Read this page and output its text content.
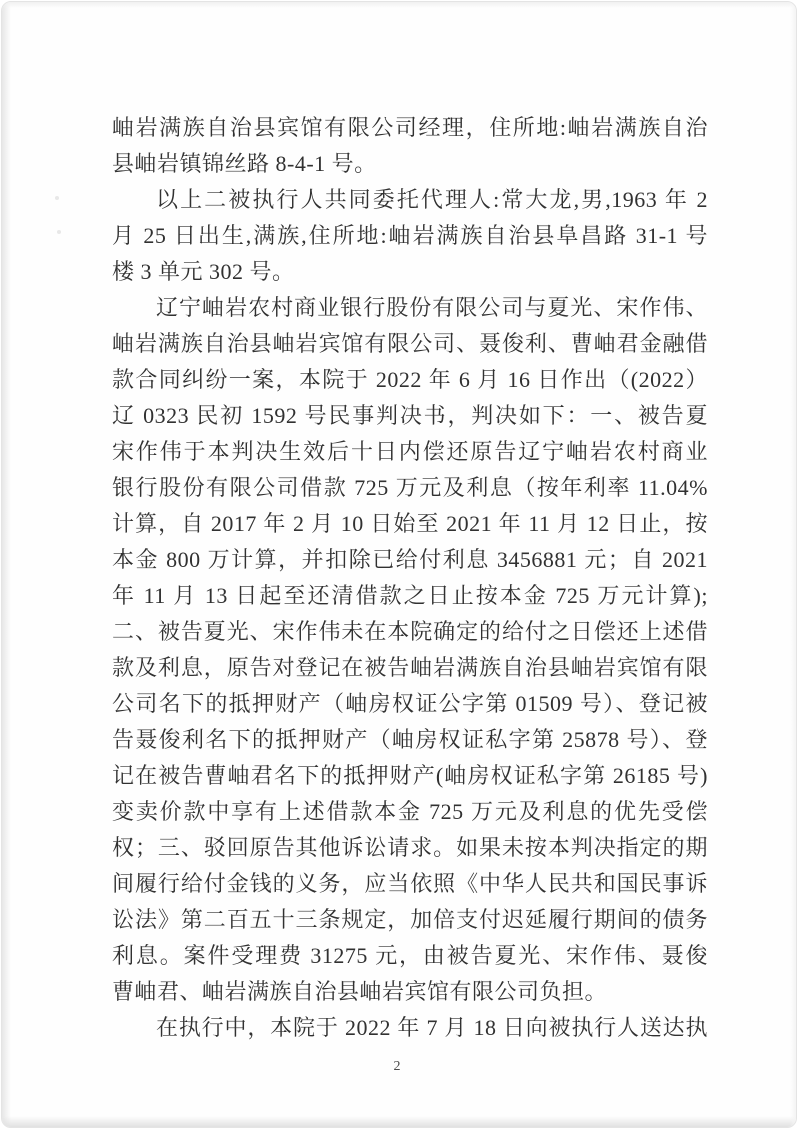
岫岩满族自治县宾馆有限公司经理，住所地:岫岩满族自治
县岫岩镇锦丝路 8-4-1 号。
以上二被执行人共同委托代理人:常大龙,男,1963 年 2
月 25 日出生,满族,住所地:岫岩满族自治县阜昌路 31-1 号
楼 3 单元 302 号。
辽宁岫岩农村商业银行股份有限公司与夏光、宋作伟、
岫岩满族自治县岫岩宾馆有限公司、聂俊利、曹岫君金融借
款合同纠纷一案，本院于 2022 年 6 月 16 日作出（(2022）
辽 0323 民初 1592 号民事判决书，判决如下：一、被告夏
宋作伟于本判决生效后十日内偿还原告辽宁岫岩农村商业
银行股份有限公司借款 725 万元及利息（按年利率 11.04%
计算，自 2017 年 2 月 10 日始至 2021 年 11 月 12 日止，按
本金 800 万计算，并扣除已给付利息 3456881 元；自 2021
年 11 月 13 日起至还清借款之日止按本金 725 万元计算);
二、被告夏光、宋作伟未在本院确定的给付之日偿还上述借
款及利息，原告对登记在被告岫岩满族自治县岫岩宾馆有限
公司名下的抵押财产（岫房权证公字第 01509 号）、登记被
告聂俊利名下的抵押财产（岫房权证私字第 25878 号）、登
记在被告曹岫君名下的抵押财产(岫房权证私字第 26185 号)
变卖价款中享有上述借款本金 725 万元及利息的优先受偿
权；三、驳回原告其他诉讼请求。如果未按本判决指定的期
间履行给付金钱的义务，应当依照《中华人民共和国民事诉
讼法》第二百五十三条规定，加倍支付迟延履行期间的债务
利息。案件受理费 31275 元，由被告夏光、宋作伟、聂俊
曹岫君、岫岩满族自治县岫岩宾馆有限公司负担。
在执行中，本院于 2022 年 7 月 18 日向被执行人送达执
2
